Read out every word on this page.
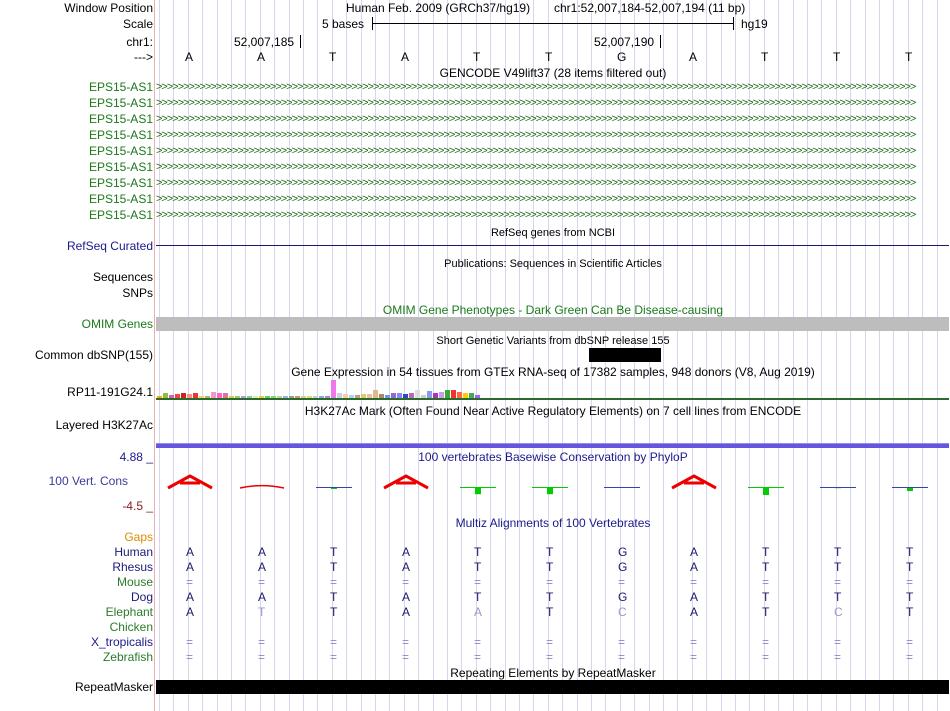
Window Position	Human Feb. 2009 (GRCh37/hg19) chr1:52,007,184-52,007,194 (11 bp)
Scale	5 bases	hg19
chr1:	52,007,185	52,007,190
--->	A	A	T	A	T	T	G	A	T	T	T
GENCODE V49lift37 (28 items filtered out)
EPS15-AS1 >>>>>>>>>>>>>>>>>>>>>>>>>>>>>>>>>>>>>>>>>>>>>>>>>>>>>>>>>>>>>>>>>>>>>>>>>>>>>>>>>>>>>>>>>>>>>>>>>>>>>>>>>>>>>>>>>>>>>>>>>>>>>>>>>>>>>>>>>>>>
EPS15-AS1 >>>>>>>>>>>>>>>>>>>>>>>>>>>>>>>>>>>>>>>>>>>>>>>>>>>>>>>>>>>>>>>>>>>>>>>>>>>>>>>>>>>>>>>>>>>>>>>>>>>>>>>>>>>>>>>>>>>>>>>>>>>>>>>>>>>>>>>>>>>>
EPS15-AS1 >>>>>>>>>>>>>>>>>>>>>>>>>>>>>>>>>>>>>>>>>>>>>>>>>>>>>>>>>>>>>>>>>>>>>>>>>>>>>>>>>>>>>>>>>>>>>>>>>>>>>>>>>>>>>>>>>>>>>>>>>>>>>>>>>>>>>>>>>>>>
EPS15-AS1 >>>>>>>>>>>>>>>>>>>>>>>>>>>>>>>>>>>>>>>>>>>>>>>>>>>>>>>>>>>>>>>>>>>>>>>>>>>>>>>>>>>>>>>>>>>>>>>>>>>>>>>>>>>>>>>>>>>>>>>>>>>>>>>>>>>>>>>>>>>>
EPS15-AS1 >>>>>>>>>>>>>>>>>>>>>>>>>>>>>>>>>>>>>>>>>>>>>>>>>>>>>>>>>>>>>>>>>>>>>>>>>>>>>>>>>>>>>>>>>>>>>>>>>>>>>>>>>>>>>>>>>>>>>>>>>>>>>>>>>>>>>>>>>>>>
EPS15-AS1 >>>>>>>>>>>>>>>>>>>>>>>>>>>>>>>>>>>>>>>>>>>>>>>>>>>>>>>>>>>>>>>>>>>>>>>>>>>>>>>>>>>>>>>>>>>>>>>>>>>>>>>>>>>>>>>>>>>>>>>>>>>>>>>>>>>>>>>>>>>>
EPS15-AS1 >>>>>>>>>>>>>>>>>>>>>>>>>>>>>>>>>>>>>>>>>>>>>>>>>>>>>>>>>>>>>>>>>>>>>>>>>>>>>>>>>>>>>>>>>>>>>>>>>>>>>>>>>>>>>>>>>>>>>>>>>>>>>>>>>>>>>>>>>>>>
EPS15-AS1 >>>>>>>>>>>>>>>>>>>>>>>>>>>>>>>>>>>>>>>>>>>>>>>>>>>>>>>>>>>>>>>>>>>>>>>>>>>>>>>>>>>>>>>>>>>>>>>>>>>>>>>>>>>>>>>>>>>>>>>>>>>>>>>>>>>>>>>>>>>>
EPS15-AS1 >>>>>>>>>>>>>>>>>>>>>>>>>>>>>>>>>>>>>>>>>>>>>>>>>>>>>>>>>>>>>>>>>>>>>>>>>>>>>>>>>>>>>>>>>>>>>>>>>>>>>>>>>>>>>>>>>>>>>>>>>>>>>>>>>>>>>>>>>>>>
RefSeq genes from NCBI
RefSeq Curated
Publications: Sequences in Scientific Articles
Sequences
SNPs
OMIM Gene Phenotypes - Dark Green Can Be Disease-causing
OMIM Genes
Short Genetic Variants from dbSNP release 155
Common dbSNP(155)
Gene Expression in 54 tissues from GTEx RNA-seq of 17382 samples, 948 donors (V8, Aug 2019)
RP11-191G24.1
H3K27Ac Mark (Often Found Near Active Regulatory Elements) on 7 cell lines from ENCODE
Layered H3K27Ac
100 vertebrates Basewise Conservation by PhyloP
4.88 _
100 Vert. Cons
-4.5 _
Multiz Alignments of 100 Vertebrates
Gaps
Human	A	A	T	A	T	T	G	A	T	T	T
Rhesus	A	A	T	A	T	T	G	A	T	T	T
Mouse	=	=	=	=	=	=	=	=	=	=	=
Dog	A	A	T	A	T	T	G	A	T	T	T
Elephant	A	T	T	A	A	T	C	A	T	C	T
Chicken
X_tropicalis	=	=	=	=	=	=	=	=	=	=	=
Zebrafish	=	=	=	=	=	=	=	=	=	=	=
Repeating Elements by RepeatMasker
RepeatMasker
